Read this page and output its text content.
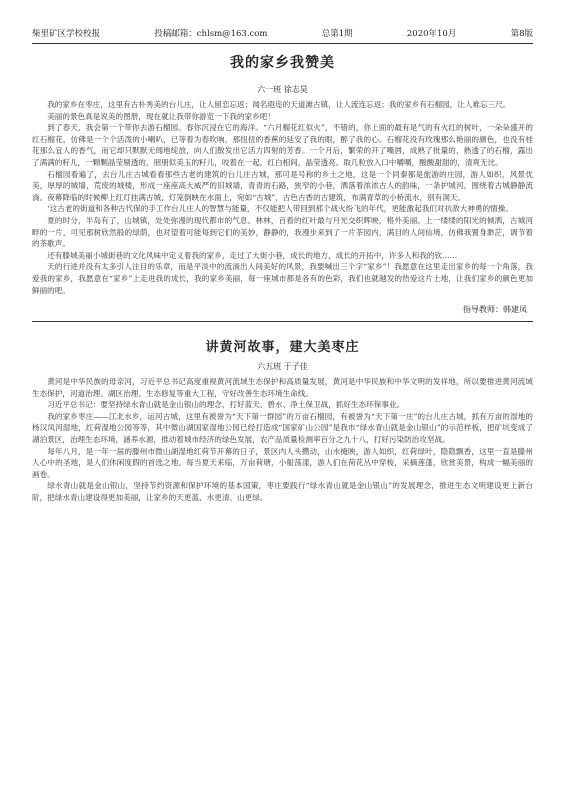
柴里矿区学校校报	投稿邮箱：chlsm@163.com	总第1期	2020年10月	第8版
我的家乡我赞美
六一班 徐志昊

我的家乡在枣庄，这里有古朴秀美的台儿庄，让人留恋忘返；闻名遐迩的天道滩古镇，让人流连忘返；我的家乡有石榴园，让人难忘三尺。

美丽的景色真是说美的图册，现在就让我带你游览一下我的家乡吧！

到了春天，我会第一个带你去游石榴园。春你沉浸在它的海洋。“六月榴花红似火”，不错的，你上面的最有是气的有火红的树叶，一朵朵盛开的红石榴花，仿佛是一个个活泼的小喇叭，已等着为春吹响，那扭扭的香蕉的延安了我的眼，醉了我的心。石榴花没有玫瑰那么艳丽的颜色，也没有桂花那么宜人的香气，而它却只默默无闻地绽放，向人们散发出它活力四射的芳香。一个月后，繁荣的开了嘴唇，成熟了批量的，熟透了的石榴，露出了满满的籽儿，一颗颗晶莹剔透的，朋朋似美玉的籽儿，咬着在一起，红白相间，晶莹透亮。取几粒放入口中嚼嚼，酸酸甜甜的，清爽无比。

石榴园看遍了，去台儿庄古城看看那些古老的建筑的台儿庄古城，那可是号称的乡土之地，这是一个同秦都是旅游的庄园，游人如织，风景优美，厚厚的城墙，荒废的城楼，形成一座座高大威严的旧城墙，青青的石路，狭窄的小巷，洒落着浓浓古人的韵味，一条护城河，围绕着古城静静流淌。夜幕降临的时候柳上红灯挂满古城，灯笼倒映在水面上，宛如“古城”，古色古香的古建筑，布满青草的小桥流水，别有洞天。

‘这古老的街道和各种古代保的手工作台儿庄人的智慧与能量，不仅能把人带回到那个战火纷飞的年代，更能激起我们对抗敌大神勇的情操。

夏的时分，半岛有了，山城镇，处处弥漫的现代都市的气息。林林，百看的红叶最与月光交织辉映，格外美丽。上一缕缕的阳光的倾洒，古城河畔的一片，可见那树欣然般的绿荫，也对望着可能每到它们的美妙，静静的，我漫步来到了一片茶园内，满目的人间仙境，仿佛我置身渺茫，调节着的茶歌声。

还有滕城美丽小城街巷的文化风味中定义着我的家乡，走过了大街小巷，成长的地方，成长的开拓中，许多人和我的钦……

天的行进并没有太多引人注目的乐章，而是平淡中的流淌出人间美好的风景，我要喊出三个字“家乡”！我愿意在这里走出家乡的每一个角落，我爱我的家乡，我愿意在“家乡”上走进我的成长，我的家乡美丽，每一座城市都是各有的色彩，我们也就越发的热爱这片土地，让我们家乡的颜色更加鲜丽的吧。

指导教师：韩建凤
讲黄河故事，建大美枣庄
六五班 于子佳

黄河是中华民族的母亲河，习近平总书记高度重视黄河流域生态保护和高质量发展，黄河是中华民族和中华文明的发祥地，所以要推进黄河流域生态保护，河道治理、湖区治理、生态修复等重大工程，守好改善生态环境生命线。

习近平总书记：要坚持绿水青山就是金山银山的理念，打好蓝天、碧水、净土保卫战，抓好生态环保事业。

我的家乡枣庄——江北水乡，运河古城，这里有被誉为“天下第一群园”的万亩石榴园，有被誉为“天下第一庄”的台儿庄古城，抓有万亩的湿地的杨汉凤河湿地，红荷湿地公园等等，其中微山湖国家湿地公园已经打造成“国家矿山公园”是我市“绿水青山就是金山银山”的示范样板，把矿坑变成了湖泊景区，治理生态环境，涵养水源，推动着城市经济的绿色发展，农产品质量检测率百分之九十八，打好污染防治攻坚战。

每年八月，是一年一届的滕州市微山湖湿地红荷节开幕的日子，景区内人头攒动，山水掩映，游人如织，红荷绿叶，隐隐飘香，这里一直是滕州人心中的圣地，是人们休闲度假的首选之地。每当夏天来临，万亩荷塘，小船荡漾，游人们在荷花丛中穿梭，采摘莲蓬，欣赏美景，构成一幅美丽的画卷。

绿水青山就是金山银山，坚持节约资源和保护环境的基本国策，枣庄要践行“绿水青山就是金山银山”的发展理念，推进生态文明建设更上新台阶，把绿水青山建设得更加美丽，让家乡的天更蓝、水更清、山更绿。
